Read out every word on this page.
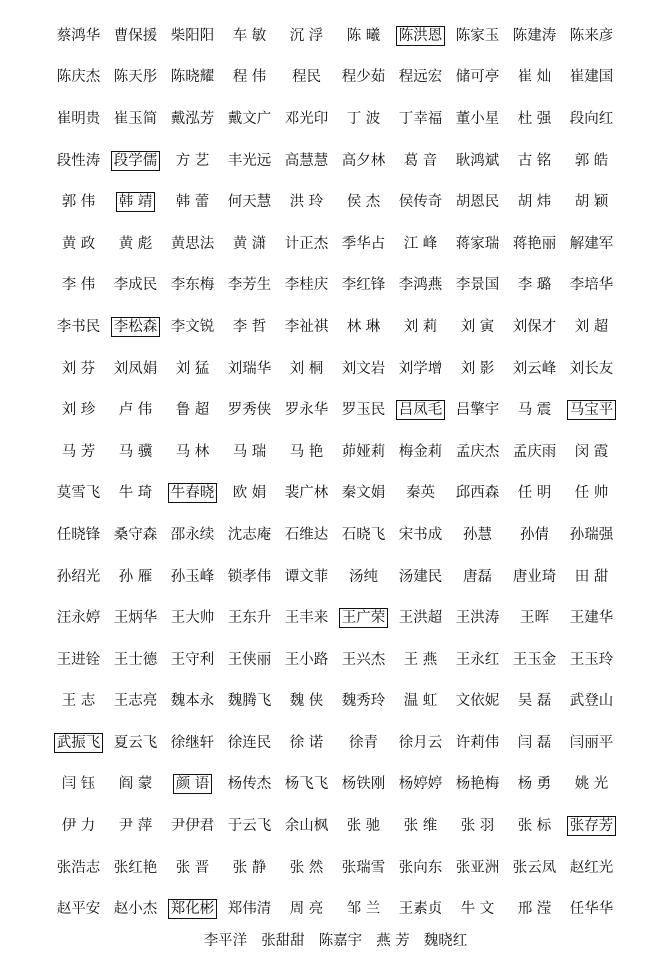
蔡鸿华 曹保援 柴阳阳 车 敏 沉 浮 陈 曦 陈洪恩 陈家玉 陈建涛 陈来彦
陈庆杰 陈天彤 陈晓耀 程 伟 程民 程少茹 程远宏 储可亭 崔 灿 崔建国
崔明贵 崔玉简 戴泓芳 戴文广 邓光印 丁 波 丁幸福 董小星 杜 强 段向红
段性涛 段学儒 方 艺 丰光远 高慧慧 高夕林 葛 音 耿鸿斌 古 铭 郭 皓
郭 伟 韩 靖 韩 蕾 何天慧 洪 玲 侯 杰 侯传奇 胡恩民 胡 炜 胡 颖
黄 政 黄 彪 黄思法 黄 潇 计正杰 季华占 江 峰 蒋家瑞 蒋艳丽 解建军
李 伟 李成民 李东梅 李芳生 李桂庆 李红锋 李鸿燕 李景国 李 璐 李培华
李书民 李松森 李文锐 李 哲 李祉祺 林 琳 刘 莉 刘 寅 刘保才 刘 超
刘 芬 刘凤娟 刘 猛 刘瑞华 刘 桐 刘文岩 刘学增 刘 影 刘云峰 刘长友
刘 珍 卢 伟 鲁 超 罗秀侠 罗永华 罗玉民 吕凤毛 吕擎宇 马 震 马宝平
马 芳 马 骥 马 林 马 瑞 马 艳 茆娅莉 梅金莉 孟庆杰 孟庆雨 闵 霞
莫雪飞 牛 琦 牛春晓 欧 娟 裴广林 秦文娟 秦英 邱西森 任 明 任 帅
任晓锋 桑守森 邵永续 沈志庵 石维达 石晓飞 宋书成 孙慧 孙倩 孙瑞强
孙绍光 孙 雁 孙玉峰 锁孝伟 谭文菲 汤纯 汤建民 唐磊 唐业琦 田 甜
汪永婷 王炳华 王大帅 王东升 王丰来 王广荣 王洪超 王洪涛 王晖 王建华
王进铨 王士德 王守利 王侠丽 王小路 王兴杰 王 燕 王永红 王玉金 王玉玲
王 志 王志亮 魏本永 魏腾飞 魏 侠 魏秀玲 温 虹 文依妮 吴 磊 武登山
武振飞 夏云飞 徐继轩 徐连民 徐 诺 徐青 徐月云 许莉伟 闫 磊 闫丽平
闫 钰 阎 蒙 颜 语 杨传杰 杨飞飞 杨铁刚 杨婷婷 杨艳梅 杨 勇 姚 光
伊 力 尹 萍 尹伊君 于云飞 余山枫 张 驰 张 维 张 羽 张 标 张存芳
张浩志 张红艳 张 晋 张 静 张 然 张瑞雪 张向东 张亚洲 张云凤 赵红光
赵平安 赵小杰 郑化彬 郑伟清 周 亮 邹 兰 王素贞 牛 文 邢 滢 任华华
李平洋 张甜甜 陈嘉宇 燕 芳 魏晓红
